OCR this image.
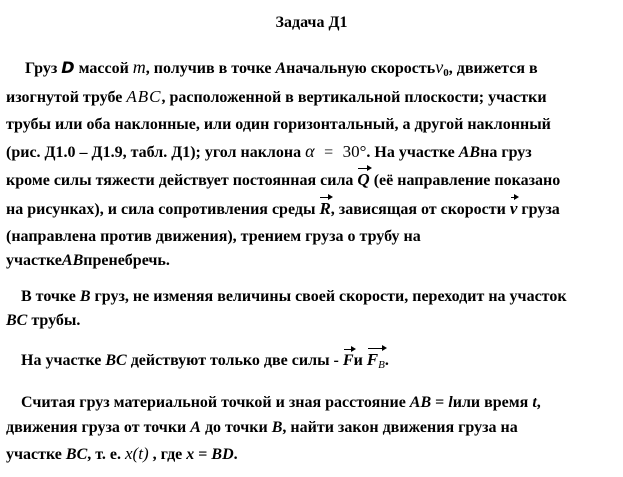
Задача Д1
Груз D массой m, получив в точке Aначальную скоростьv$_0$, движется в
изогнутой трубе ABC, расположенной в вертикальной плоскости; участки
трубы или оба наклонные, или один горизонтальный, а другой наклонный
(рис. Д1.0 – Д1.9, табл. Д1); угол наклона α = 30°. На участке ABна груз
кроме силы тяжести действует постоянная сила Q (её направление показано
на рисунках), и сила сопротивления среды R, зависящая от скорости v груза
(направлена против движения), трением груза о трубу на
участкеABпренебречь.
В точке B груз, не изменяя величины своей скорости, переходит на участок
BC трубы.
На участке BC действуют только две силы - Fи $F_B$.
Считая груз материальной точкой и зная расстояние AB = lили время t,
движения груза от точки A до точки B, найти закон движения груза на
участке BC, т. е. x(t) , где x = BD.
